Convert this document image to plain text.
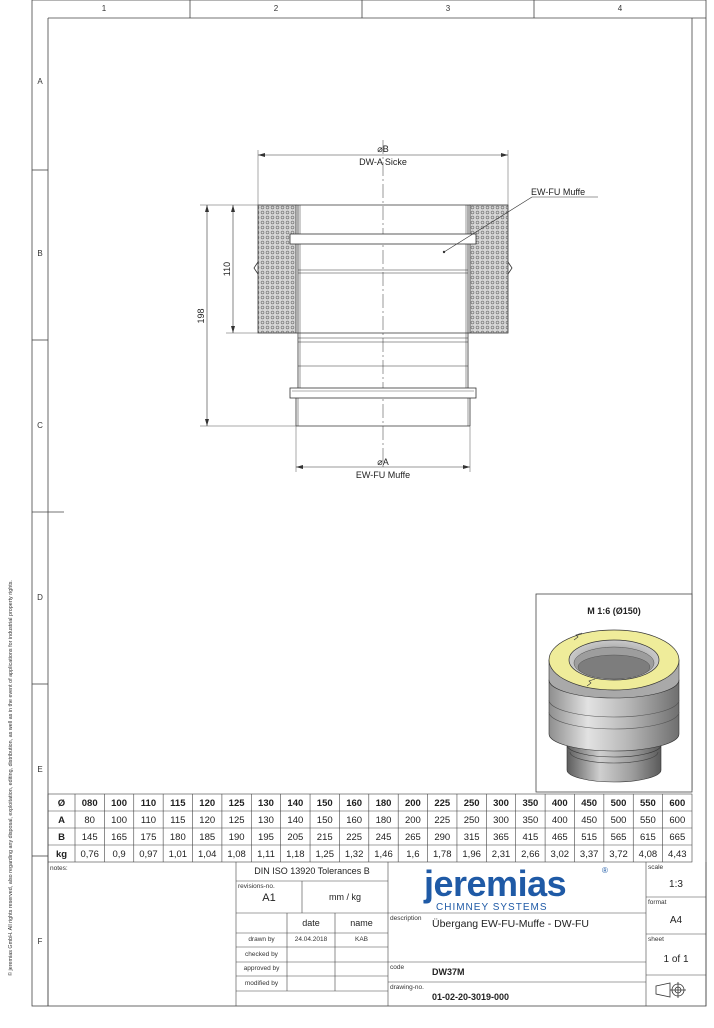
© jeremias GmbH. All rights reserved, also regarding any disposal, exploitation, editing, distribution, as well as in the event of applications for industrial property rights.
1	2	3	4
A
B
C
D
E
F
⌀B
DW-A Sicke
⌀A
EW-FU Muffe
EW-FU Muffe
110
198
M 1:6 (Ø150)
Ø 080 100 110 115 120 125 130 140 150 160 180 200 225 250 300 350 400 450 500 550 600
A 80 100 110 115 120 125 130 140 150 160 180 200 225 250 300 350 400 450 500 550 600
B 145 165 175 180 185 190 195 205 215 225 245 265 290 315 365 415 465 515 565 615 665
kg 0,76 0,9 0,97 1,01 1,04 1,08 1,11 1,18 1,25 1,32 1,46 1,6 1,78 1,96 2,31 2,66 3,02 3,37 3,72 4,08 4,43
notes:	DIN ISO 13920 Tolerances B
revisions-no.
A1	mm / kg
date	name
drawn by	24.04.2018	KAB
checked by
approved by
modified by
jeremias	®
CHIMNEY SYSTEMS
description Übergang EW-FU-Muffe - DW-FU
code	DW37M
drawing-no.
01-02-20-3019-000
scale
1:3
format
A4
sheet
1 of 1
